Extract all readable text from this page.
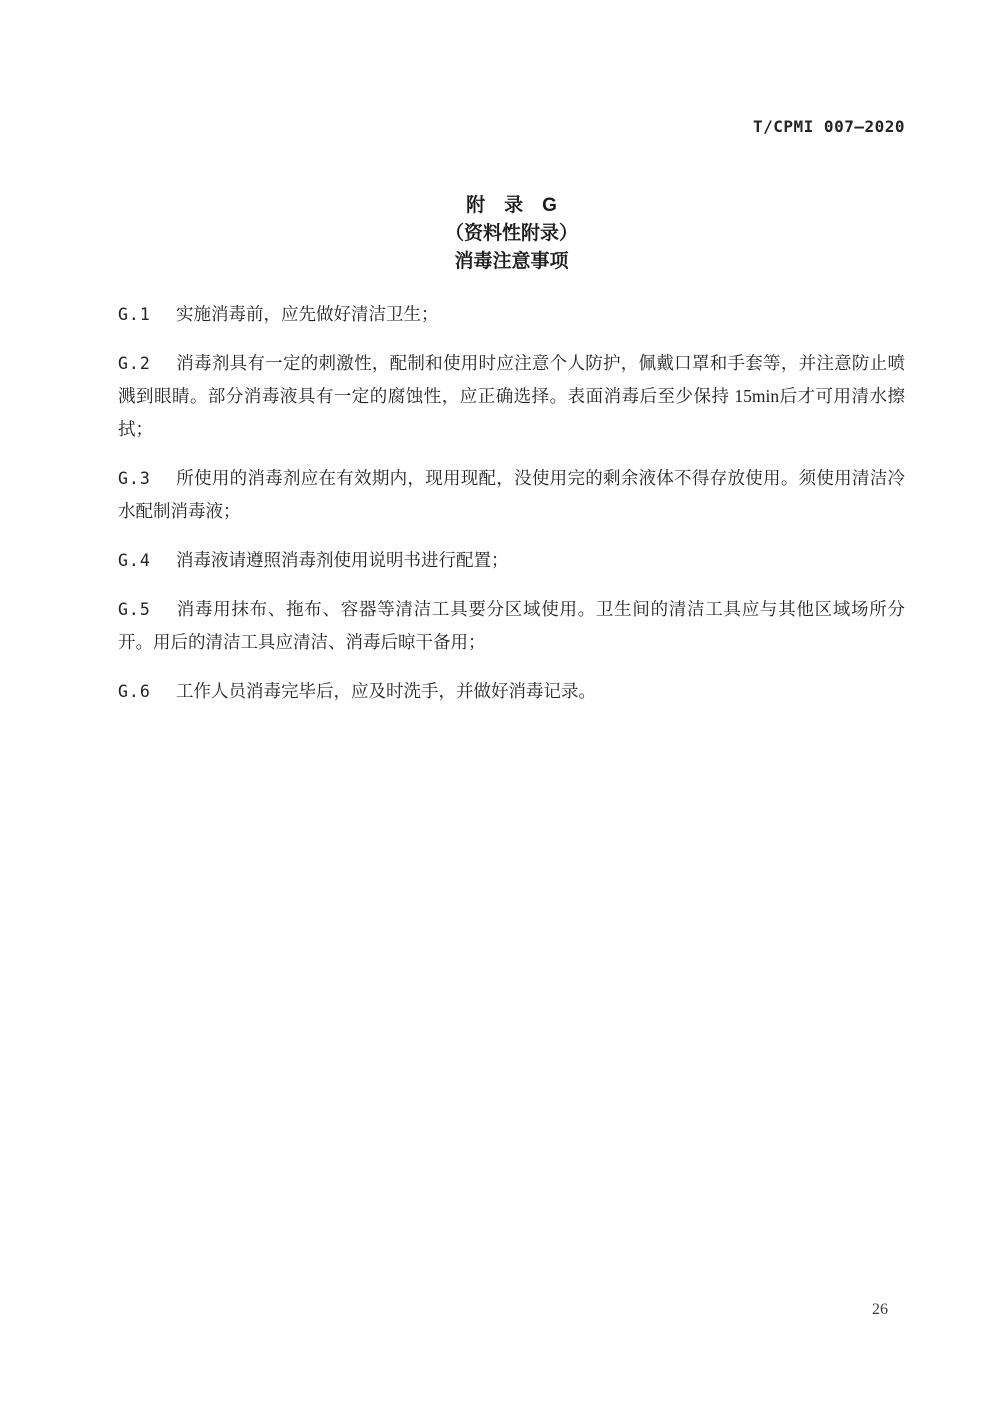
T/CPMI 007—2020
附　录　G
（资料性附录）
消毒注意事项

G.1 实施消毒前，应先做好清洁卫生；

G.2 消毒剂具有一定的刺激性，配制和使用时应注意个人防护，佩戴口罩和手套等，并注意防止喷溅到眼睛。部分消毒液具有一定的腐蚀性，应正确选择。表面消毒后至少保持 15min后才可用清水擦拭；

G.3 所使用的消毒剂应在有效期内，现用现配，没使用完的剩余液体不得存放使用。须使用清洁冷水配制消毒液；

G.4 消毒液请遵照消毒剂使用说明书进行配置；

G.5 消毒用抹布、拖布、容器等清洁工具要分区域使用。卫生间的清洁工具应与其他区域场所分开。用后的清洁工具应清洁、消毒后晾干备用；

G.6 工作人员消毒完毕后，应及时洗手，并做好消毒记录。

26
